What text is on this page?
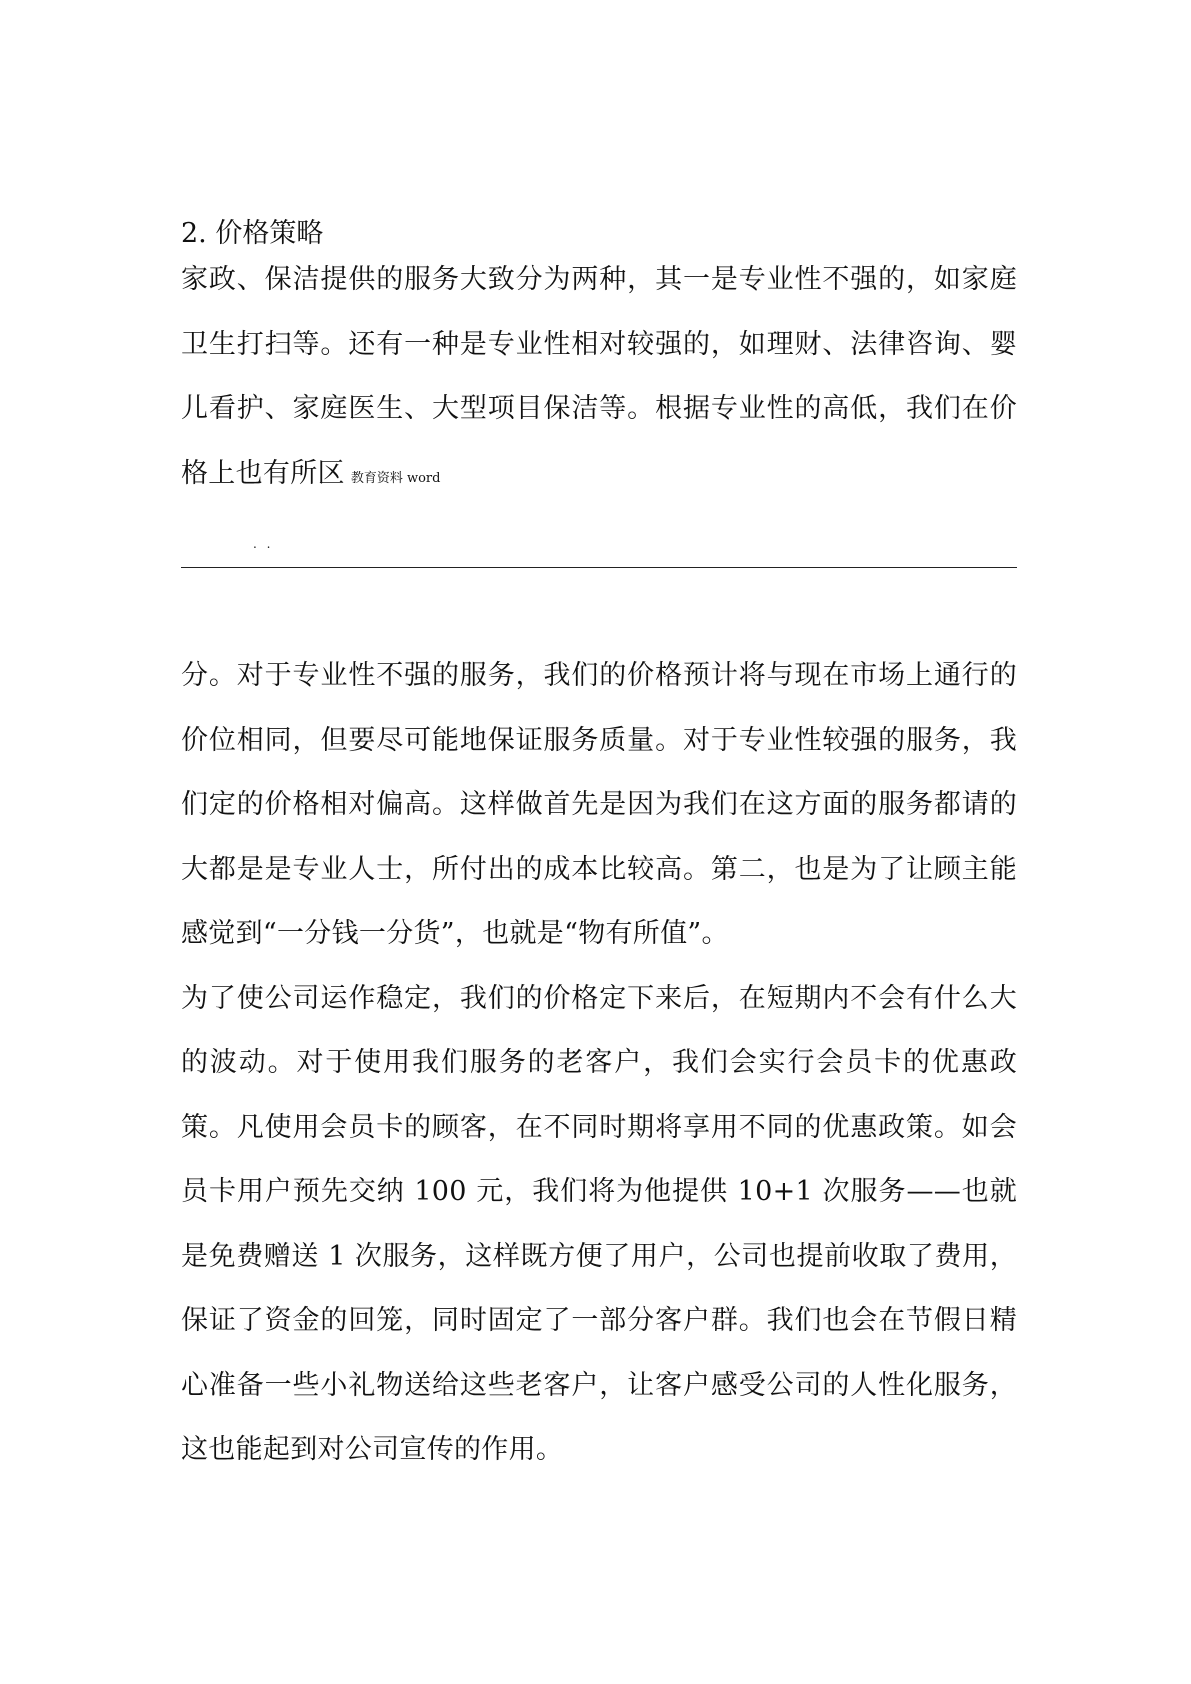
2. 价格策略
家政、保洁提供的服务大致分为两种，其一是专业性不强的，如家庭卫生打扫等。还有一种是专业性相对较强的，如理财、法律咨询、婴儿看护、家庭医生、大型项目保洁等。根据专业性的高低，我们在价格上也有所区 教育资料 word
. .

分。对于专业性不强的服务，我们的价格预计将与现在市场上通行的价位相同，但要尽可能地保证服务质量。对于专业性较强的服务，我们定的价格相对偏高。这样做首先是因为我们在这方面的服务都请的大都是是专业人士，所付出的成本比较高。第二，也是为了让顾主能感觉到“一分钱一分货”，也就是“物有所值”。

为了使公司运作稳定，我们的价格定下来后，在短期内不会有什么大的波动。对于使用我们服务的老客户，我们会实行会员卡的优惠政策。凡使用会员卡的顾客，在不同时期将享用不同的优惠政策。如会员卡用户预先交纳 100 元，我们将为他提供 10+1 次服务——也就是免费赠送 1 次服务，这样既方便了用户，公司也提前收取了费用，保证了资金的回笼，同时固定了一部分客户群。我们也会在节假日精心准备一些小礼物送给这些老客户，让客户感受公司的人性化服务，这也能起到对公司宣传的作用。
